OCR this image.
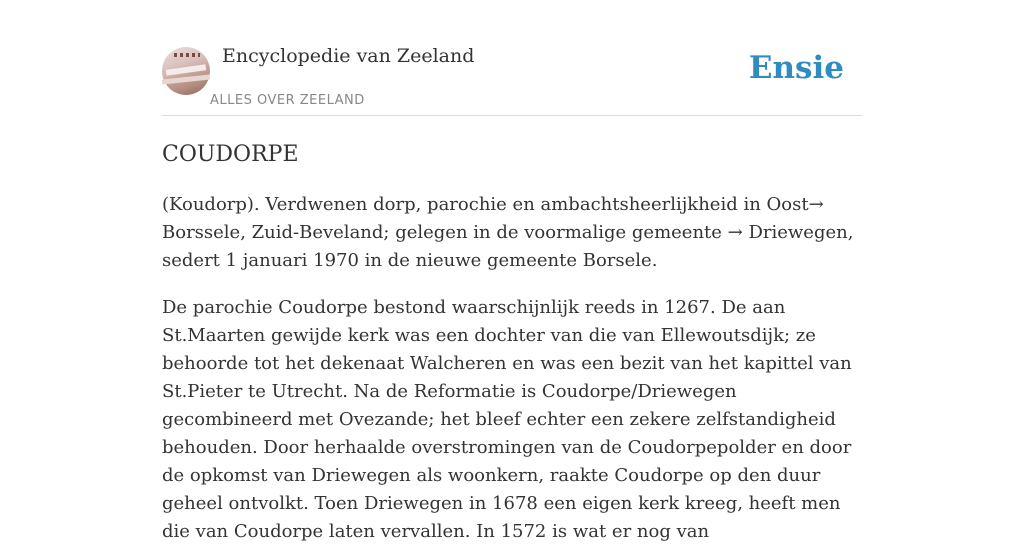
Encyclopedie van Zeeland
ALLES OVER ZEELAND
Ensie
COUDORPE

(Koudorp). Verdwenen dorp, parochie en ambachtsheerlijkheid in Oost→ Borssele, Zuid-Beveland; gelegen in de voormalige gemeente → Driewegen, sedert 1 januari 1970 in de nieuwe gemeente Borsele.

De parochie Coudorpe bestond waarschijnlijk reeds in 1267. De aan St.Maarten gewijde kerk was een dochter van die van Ellewoutsdijk; ze behoorde tot het dekenaat Walcheren en was een bezit van het kapittel van St.Pieter te Utrecht. Na de Reformatie is Coudorpe/Driewegen gecombineerd met Ovezande; het bleef echter een zekere zelfstandigheid behouden. Door herhaalde overstromingen van de Coudorpepolder en door de opkomst van Driewegen als woonkern, raakte Coudorpe op den duur geheel ontvolkt. Toen Driewegen in 1678 een eigen kerk kreeg, heeft men die van Coudorpe laten vervallen. In 1572 is wat er nog van
